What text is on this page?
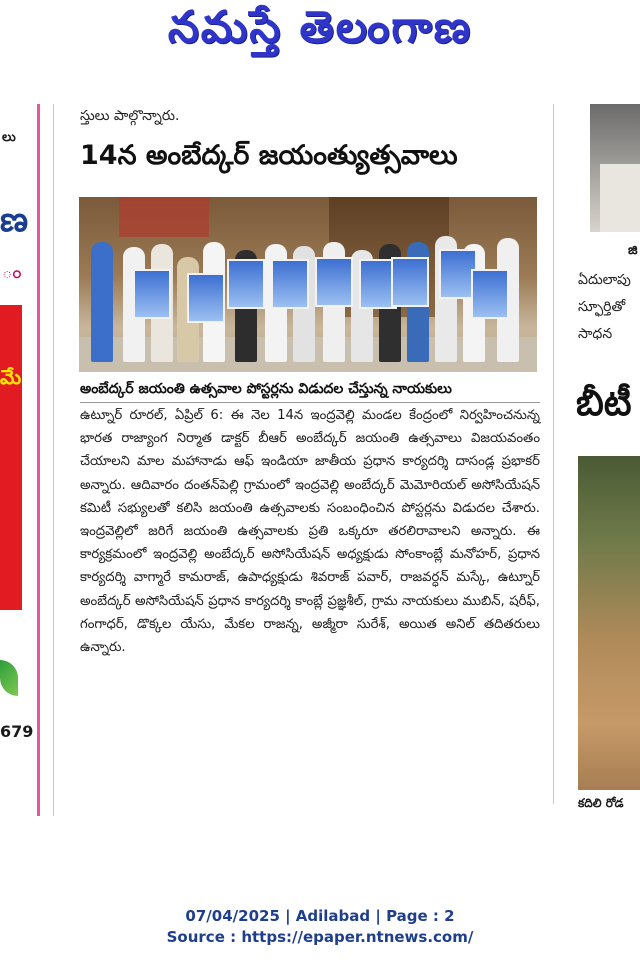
నమస్తే తెలంగాణ
లు
ణ
ం
మే
679
స్తులు పాల్గొన్నారు.
14న అంబేద్కర్ జయంత్యుత్సవాలు
అంబేద్కర్ జయంతి ఉత్సవాల పోస్టర్లను విడుదల చేస్తున్న నాయకులు
ఉట్నూర్ రూరల్, ఏప్రిల్ 6: ఈ నెల 14న ఇంద్రవెల్లి మండల కేంద్రంలో నిర్వహించనున్న భారత రాజ్యాంగ నిర్మాత డాక్టర్ బీఆర్ అంబేద్కర్ జయంతి ఉత్సవాలు విజయవంతం చేయాలని మాల మహానాడు ఆఫ్ ఇండియా జాతీయ ప్రధాన కార్యదర్శి దాసండ్ల ప్రభాకర్ అన్నారు. ఆదివారం దంతన్‌పెల్లి గ్రామంలో ఇంద్రవెల్లి అంబేద్కర్ మెమోరియల్ అసోసియేషన్ కమిటీ సభ్యులతో కలిసి జయంతి ఉత్సవాలకు సంబంధించిన పోస్టర్లను విడుదల చేశారు. ఇంద్రవెల్లిలో జరిగే జయంతి ఉత్సవాలకు ప్రతి ఒక్కరూ తరలిరావాలని అన్నారు. ఈ కార్యక్రమంలో ఇంద్రవెల్లి అంబేద్కర్ అసోసియేషన్ అధ్యక్షుడు సోంకాంబ్లే మనోహర్, ప్రధాన కార్యదర్శి వాగ్మారే కామరాజ్, ఉపాధ్యక్షుడు శివరాజ్ పవార్, రాజవర్ధన్ మస్కే, ఉట్నూర్ అంబేద్కర్ అసోసియేషన్ ప్రధాన కార్యదర్శి కాంబ్లే ప్రజ్ఞశీల్, గ్రామ నాయకులు ముబిన్, షరీఫ్, గంగాధర్, డొక్కల యేసు, మేకల రాజన్న, అజ్మీరా సురేశ్, అయిత అనిల్ తదితరులు ఉన్నారు.
జి
ఏదులాపు
స్ఫూర్తితో
సాధన
బీటీ
కదిలి రోడ
07/04/2025 | Adilabad | Page : 2
Source : https://epaper.ntnews.com/
